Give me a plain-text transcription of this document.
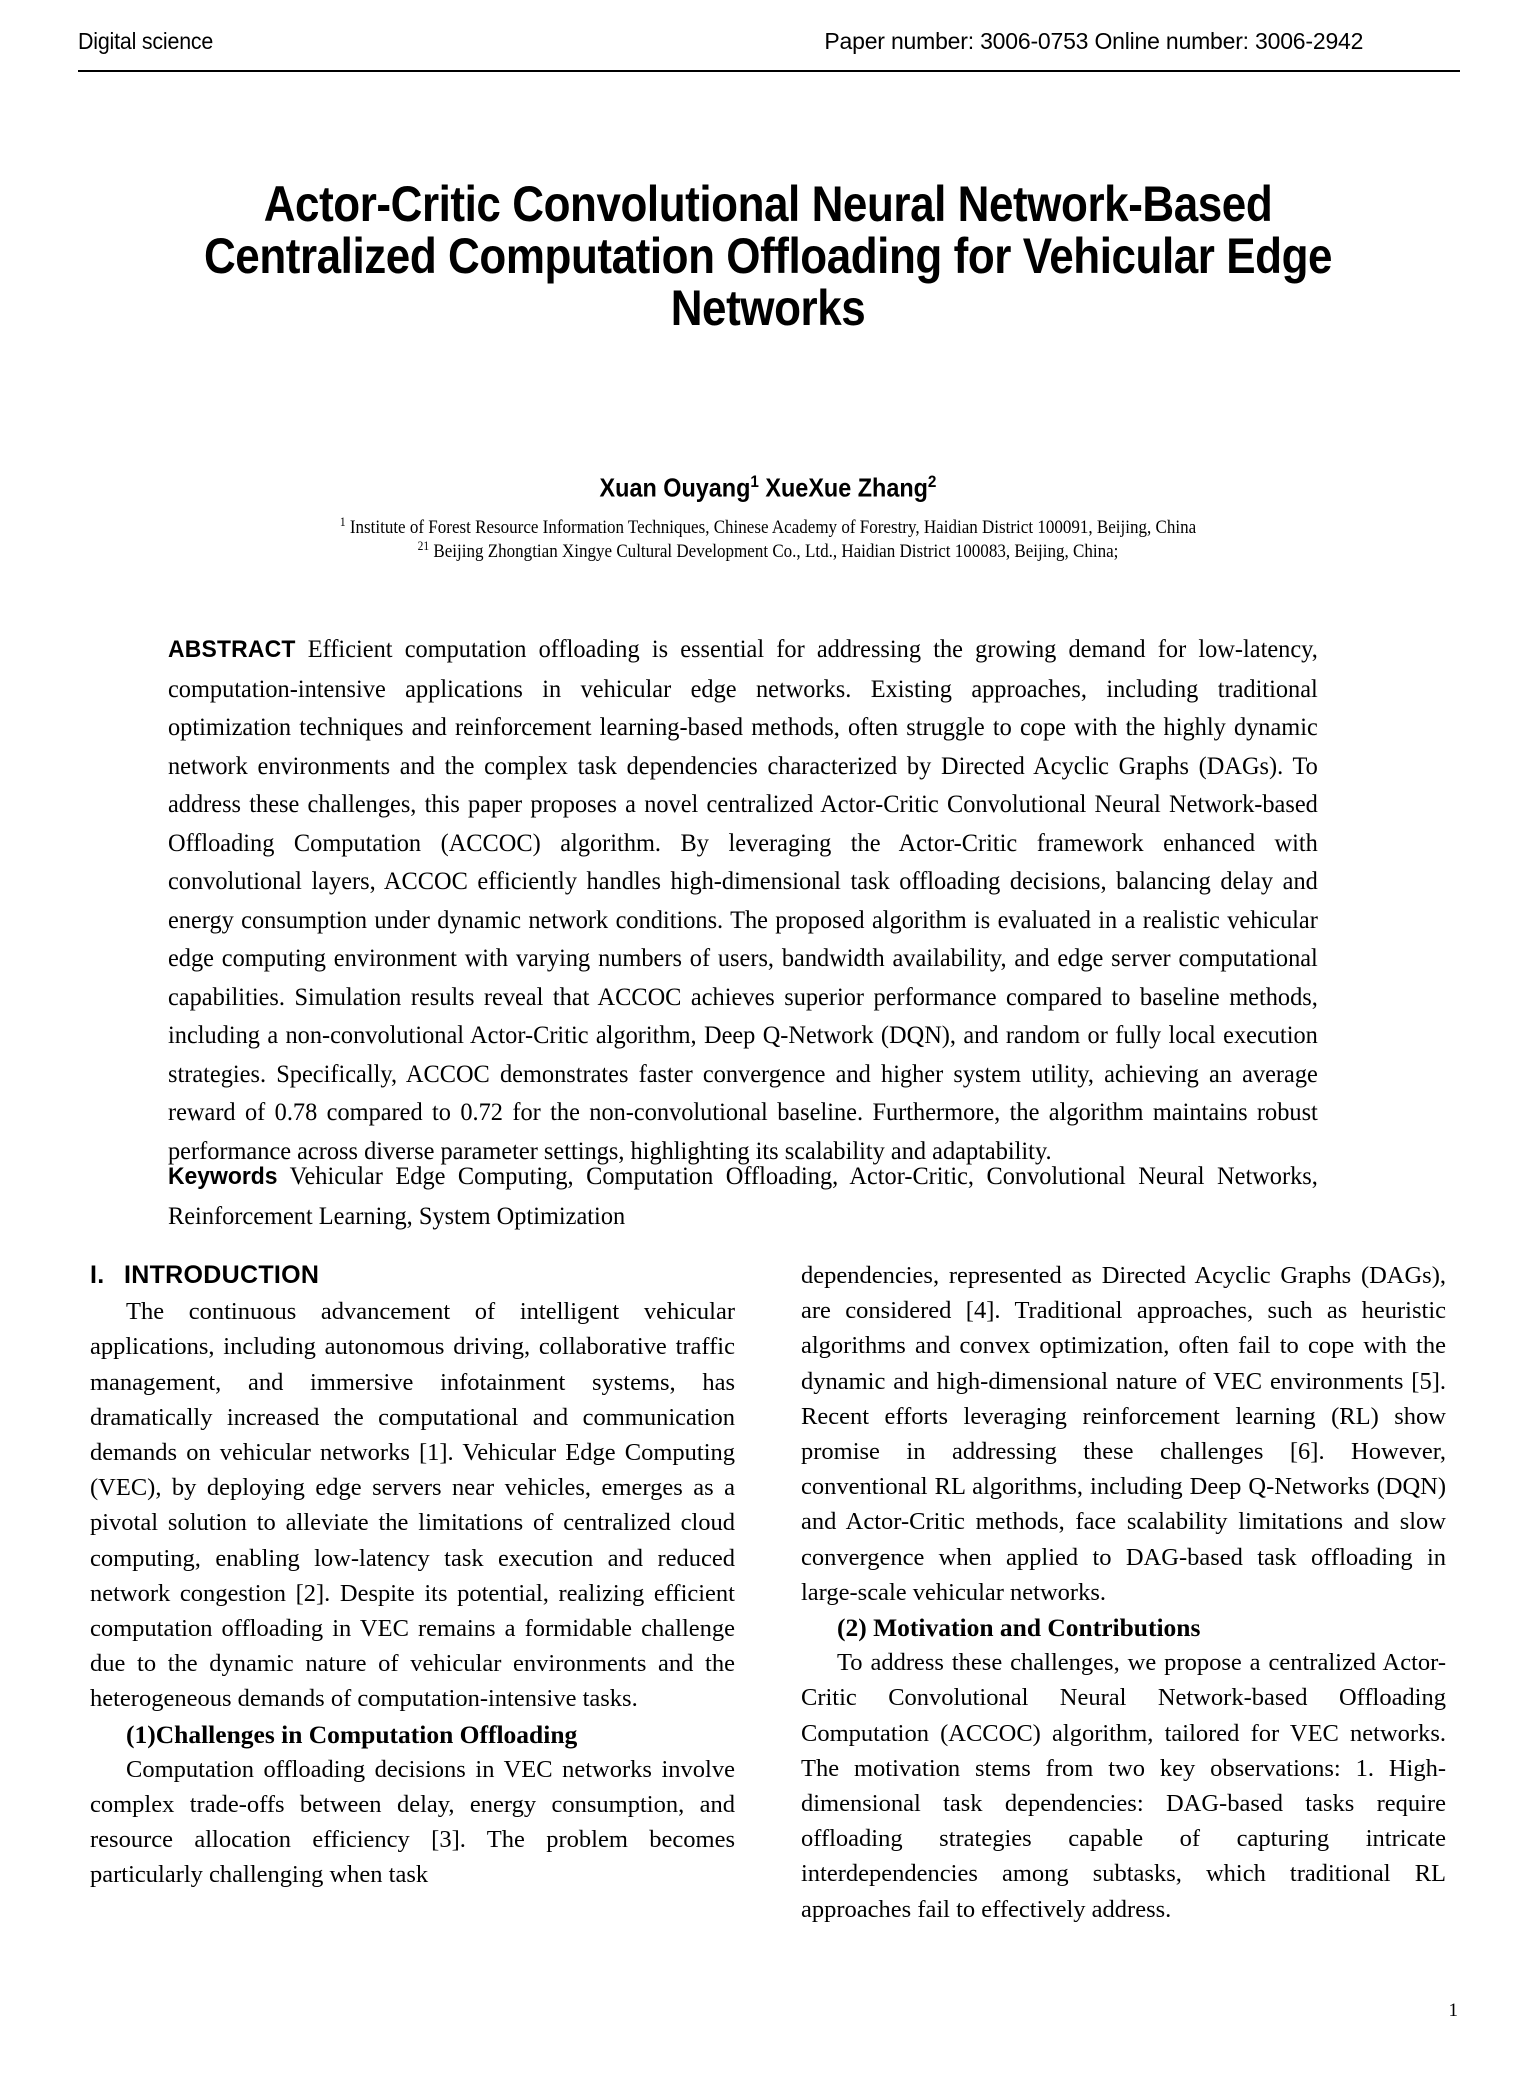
Digital science	Paper number: 3006-0753 Online number: 3006-2942
Actor-Critic Convolutional Neural Network-Based Centralized Computation Offloading for Vehicular Edge Networks
Xuan Ouyang$^1$ XueXue Zhang$^2$
$^1$ Institute of Forest Resource Information Techniques, Chinese Academy of Forestry, Haidian District 100091, Beijing, China
$^{21}$ Beijing Zhongtian Xingye Cultural Development Co., Ltd., Haidian District 100083, Beijing, China;
ABSTRACT Efficient computation offloading is essential for addressing the growing demand for low-latency, computation-intensive applications in vehicular edge networks. Existing approaches, including traditional optimization techniques and reinforcement learning-based methods, often struggle to cope with the highly dynamic network environments and the complex task dependencies characterized by Directed Acyclic Graphs (DAGs). To address these challenges, this paper proposes a novel centralized Actor-Critic Convolutional Neural Network-based Offloading Computation (ACCOC) algorithm. By leveraging the Actor-Critic framework enhanced with convolutional layers, ACCOC efficiently handles high-dimensional task offloading decisions, balancing delay and energy consumption under dynamic network conditions. The proposed algorithm is evaluated in a realistic vehicular edge computing environment with varying numbers of users, bandwidth availability, and edge server computational capabilities. Simulation results reveal that ACCOC achieves superior performance compared to baseline methods, including a non-convolutional Actor-Critic algorithm, Deep Q-Network (DQN), and random or fully local execution strategies. Specifically, ACCOC demonstrates faster convergence and higher system utility, achieving an average reward of 0.78 compared to 0.72 for the non-convolutional baseline. Furthermore, the algorithm maintains robust performance across diverse parameter settings, highlighting its scalability and adaptability.
Keywords Vehicular Edge Computing, Computation Offloading, Actor-Critic, Convolutional Neural Networks, Reinforcement Learning, System Optimization
I. INTRODUCTION

The continuous advancement of intelligent vehicular applications, including autonomous driving, collaborative traffic management, and immersive infotainment systems, has dramatically increased the computational and communication demands on vehicular networks [1]. Vehicular Edge Computing (VEC), by deploying edge servers near vehicles, emerges as a pivotal solution to alleviate the limitations of centralized cloud computing, enabling low-latency task execution and reduced network congestion [2]. Despite its potential, realizing efficient computation offloading in VEC remains a formidable challenge due to the dynamic nature of vehicular environments and the heterogeneous demands of computation-intensive tasks.

(1)Challenges in Computation Offloading

Computation offloading decisions in VEC networks involve complex trade-offs between delay, energy consumption, and resource allocation efficiency [3]. The problem becomes particularly challenging when task

dependencies, represented as Directed Acyclic Graphs (DAGs), are considered [4]. Traditional approaches, such as heuristic algorithms and convex optimization, often fail to cope with the dynamic and high-dimensional nature of VEC environments [5]. Recent efforts leveraging reinforcement learning (RL) show promise in addressing these challenges [6]. However, conventional RL algorithms, including Deep Q-Networks (DQN) and Actor-Critic methods, face scalability limitations and slow convergence when applied to DAG-based task offloading in large-scale vehicular networks.

(2) Motivation and Contributions

To address these challenges, we propose a centralized Actor-Critic Convolutional Neural Network-based Offloading Computation (ACCOC) algorithm, tailored for VEC networks. The motivation stems from two key observations: 1. High-dimensional task dependencies: DAG-based tasks require offloading strategies capable of capturing intricate interdependencies among subtasks, which traditional RL approaches fail to effectively address.

1
